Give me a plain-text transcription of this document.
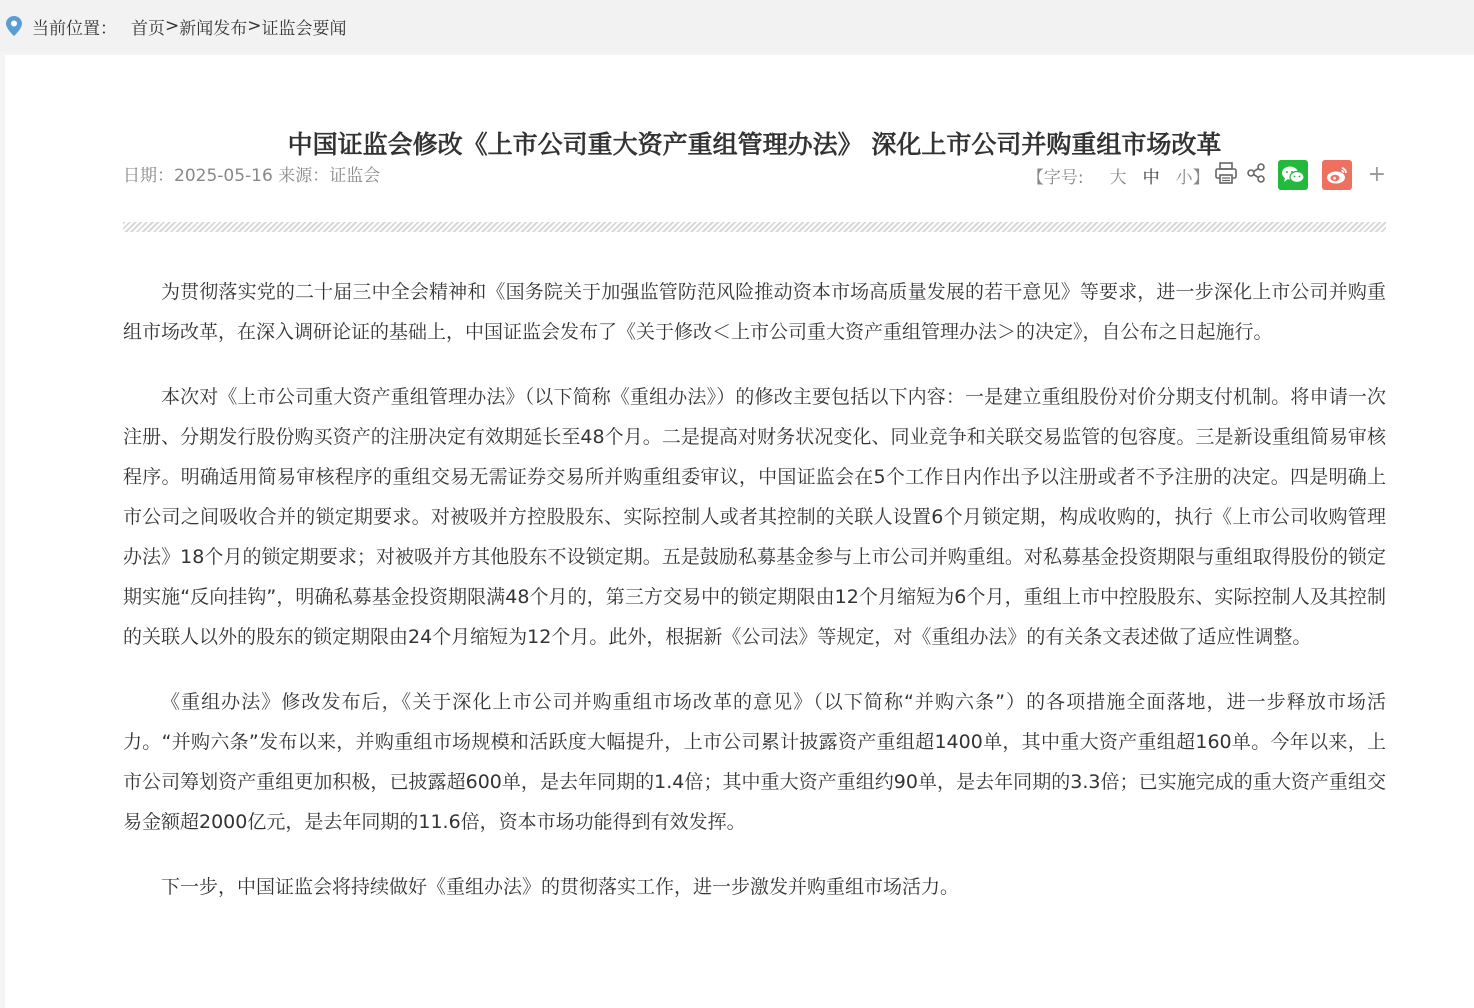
当前位置： 首页 > 新闻发布 > 证监会要闻
中国证监会修改《上市公司重大资产重组管理办法》 深化上市公司并购重组市场改革
日期：2025-05-16 来源：证监会	【字号: 大 中 小 】	+

为贯彻落实党的二十届三中全会精神和《国务院关于加强监管防范风险推动资本市场高质量发展的若干意见》等要求，进一步深化上市公司并购重组市场改革，在深入调研论证的基础上，中国证监会发布了《关于修改＜上市公司重大资产重组管理办法＞的决定》，自公布之日起施行。

本次对《上市公司重大资产重组管理办法》（以下简称《重组办法》）的修改主要包括以下内容：一是建立重组股份对价分期支付机制。将申请一次注册、分期发行股份购买资产的注册决定有效期延长至48个月。二是提高对财务状况变化、同业竞争和关联交易监管的包容度。三是新设重组简易审核程序。明确适用简易审核程序的重组交易无需证券交易所并购重组委审议，中国证监会在5个工作日内作出予以注册或者不予注册的决定。四是明确上市公司之间吸收合并的锁定期要求。对被吸并方控股股东、实际控制人或者其控制的关联人设置6个月锁定期，构成收购的，执行《上市公司收购管理办法》18个月的锁定期要求；对被吸并方其他股东不设锁定期。五是鼓励私募基金参与上市公司并购重组。对私募基金投资期限与重组取得股份的锁定期实施“反向挂钩”，明确私募基金投资期限满48个月的，第三方交易中的锁定期限由12个月缩短为6个月，重组上市中控股股东、实际控制人及其控制的关联人以外的股东的锁定期限由24个月缩短为12个月。此外，根据新《公司法》等规定，对《重组办法》的有关条文表述做了适应性调整。

《重组办法》修改发布后，《关于深化上市公司并购重组市场改革的意见》（以下简称“并购六条”）的各项措施全面落地，进一步释放市场活力。“并购六条”发布以来，并购重组市场规模和活跃度大幅提升，上市公司累计披露资产重组超1400单，其中重大资产重组超160单。今年以来，上市公司筹划资产重组更加积极，已披露超600单，是去年同期的1.4倍；其中重大资产重组约90单，是去年同期的3.3倍；已实施完成的重大资产重组交易金额超2000亿元，是去年同期的11.6倍，资本市场功能得到有效发挥。

下一步，中国证监会将持续做好《重组办法》的贯彻落实工作，进一步激发并购重组市场活力。
